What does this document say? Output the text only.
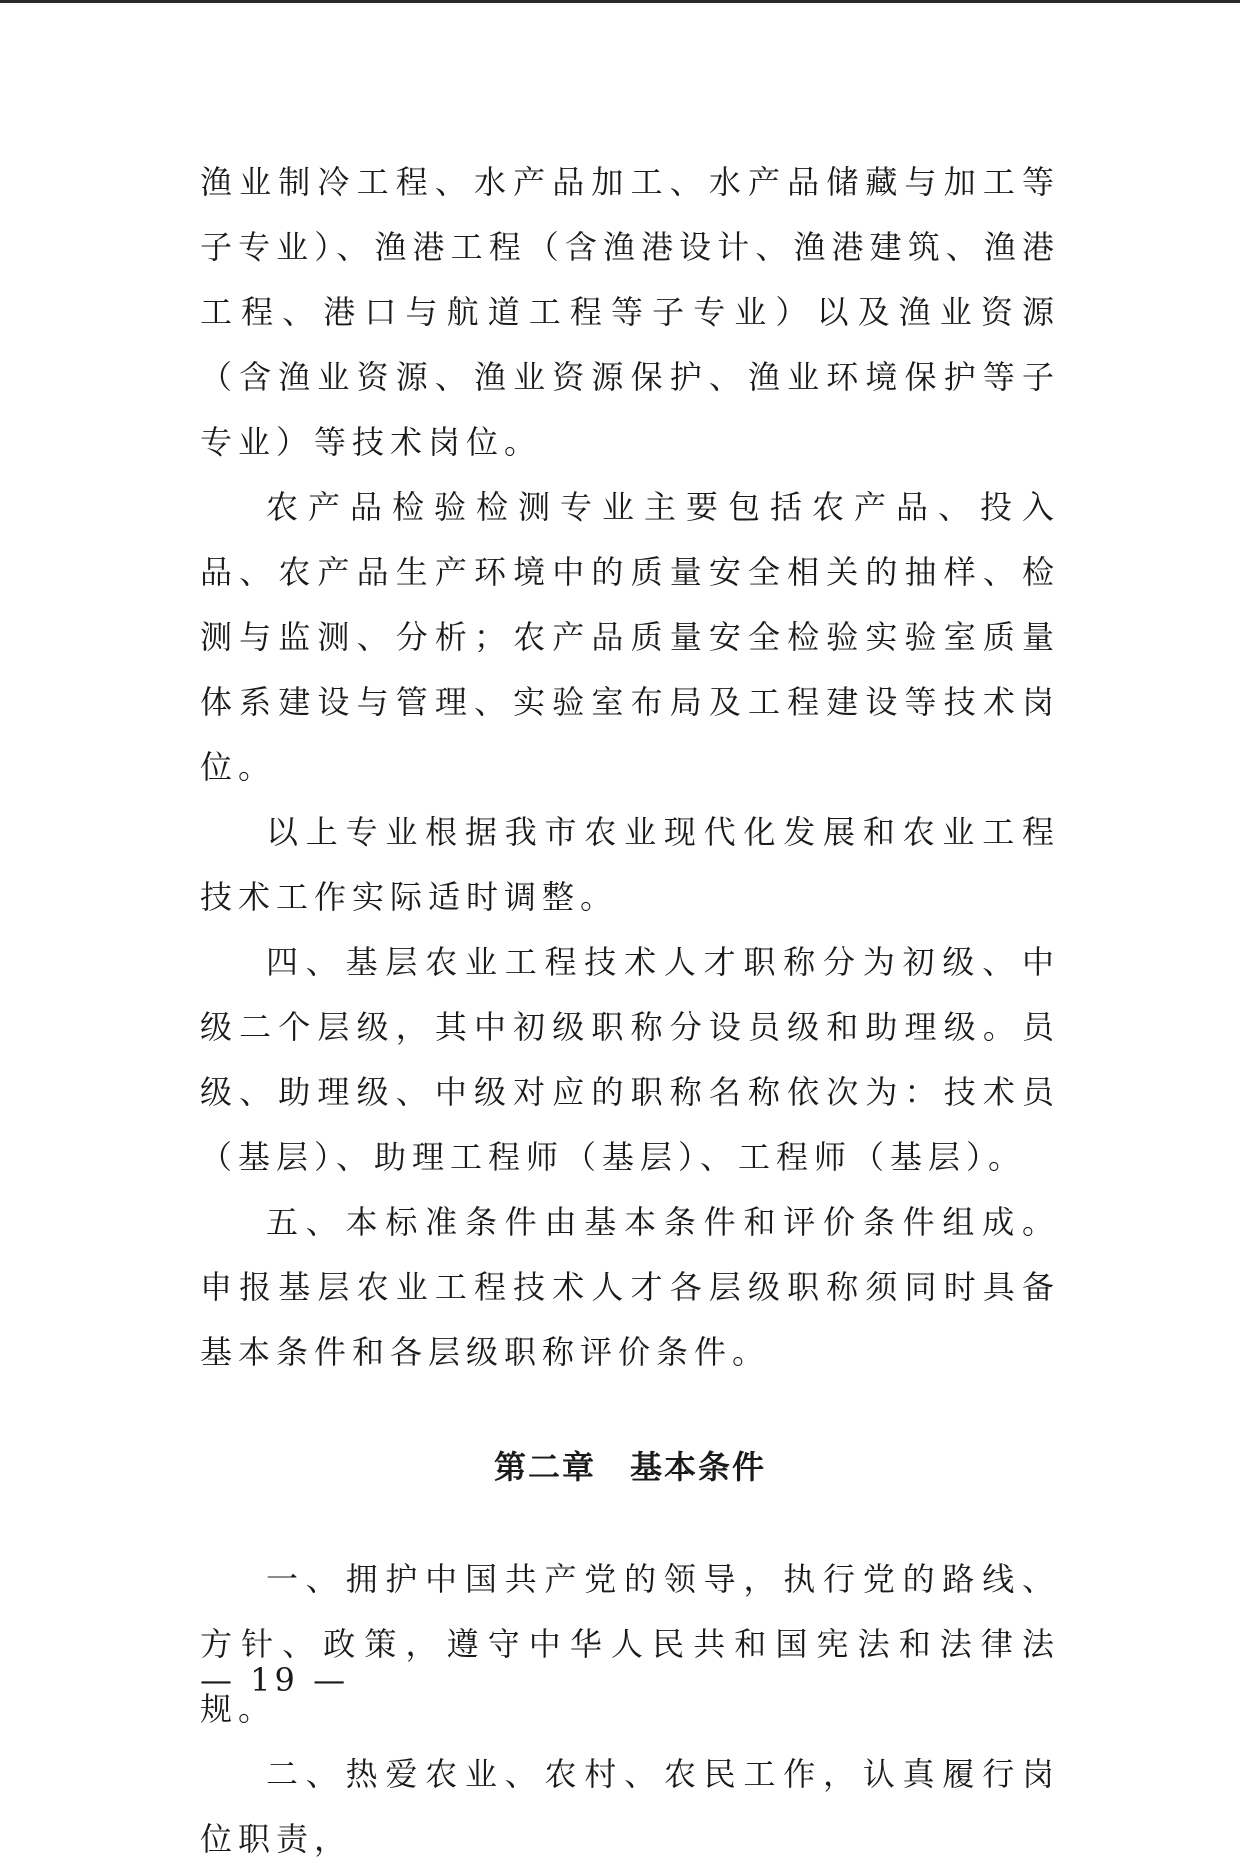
渔业制冷工程、水产品加工、水产品储藏与加工等子专业）、渔港工程（含渔港设计、渔港建筑、渔港工程、港口与航道工程等子专业）以及渔业资源（含渔业资源、渔业资源保护、渔业环境保护等子专业）等技术岗位。

农产品检验检测专业主要包括农产品、投入品、农产品生产环境中的质量安全相关的抽样、检测与监测、分析；农产品质量安全检验实验室质量体系建设与管理、实验室布局及工程建设等技术岗位。

以上专业根据我市农业现代化发展和农业工程技术工作实际适时调整。

四、基层农业工程技术人才职称分为初级、中级二个层级，其中初级职称分设员级和助理级。员级、助理级、中级对应的职称名称依次为：技术员（基层）、助理工程师（基层）、工程师（基层）。

五、本标准条件由基本条件和评价条件组成。申报基层农业工程技术人才各层级职称须同时具备基本条件和各层级职称评价条件。

第二章　基本条件

一、拥护中国共产党的领导，执行党的路线、方针、政策，遵守中华人民共和国宪法和法律法规。

二、热爱农业、农村、农民工作，认真履行岗位职责，

— 19 —
